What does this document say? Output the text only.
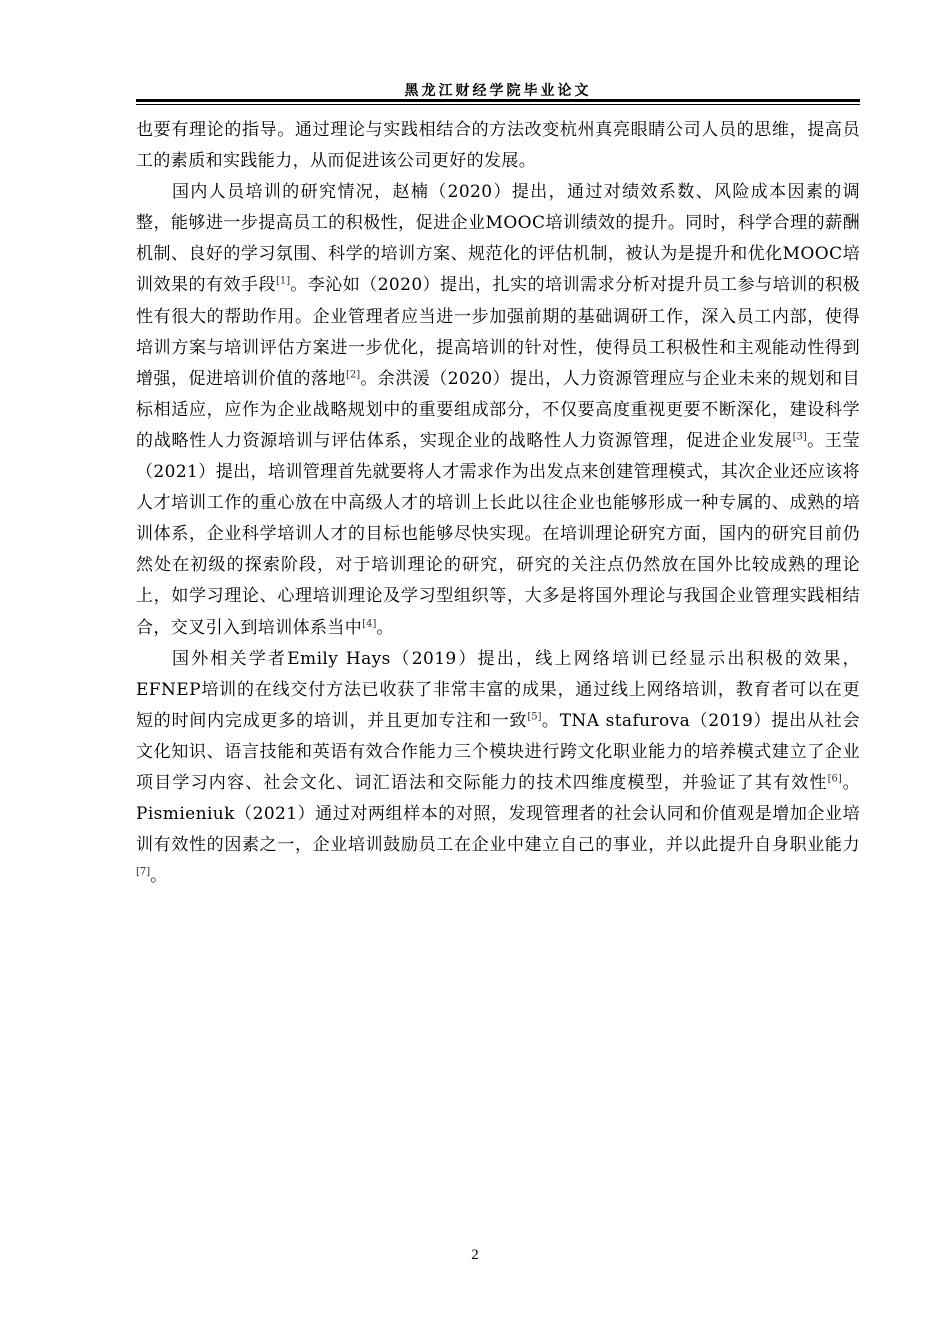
黑龙江财经学院毕业论文

也要有理论的指导。通过理论与实践相结合的方法改变杭州真亮眼睛公司人员的思维，提高员工的素质和实践能力，从而促进该公司更好的发展。

国内人员培训的研究情况，赵楠（2020）提出，通过对绩效系数、风险成本因素的调整，能够进一步提高员工的积极性，促进企业MOOC培训绩效的提升。同时，科学合理的薪酬机制、良好的学习氛围、科学的培训方案、规范化的评估机制，被认为是提升和优化MOOC培训效果的有效手段[1]。李沁如（2020）提出，扎实的培训需求分析对提升员工参与培训的积极性有很大的帮助作用。企业管理者应当进一步加强前期的基础调研工作，深入员工内部，使得培训方案与培训评估方案进一步优化，提高培训的针对性，使得员工积极性和主观能动性得到增强，促进培训价值的落地[2]。余洪湲（2020）提出，人力资源管理应与企业未来的规划和目标相适应，应作为企业战略规划中的重要组成部分，不仅要高度重视更要不断深化，建设科学的战略性人力资源培训与评估体系，实现企业的战略性人力资源管理，促进企业发展[3]。王莹（2021）提出，培训管理首先就要将人才需求作为出发点来创建管理模式，其次企业还应该将人才培训工作的重心放在中高级人才的培训上长此以往企业也能够形成一种专属的、成熟的培训体系，企业科学培训人才的目标也能够尽快实现。在培训理论研究方面，国内的研究目前仍然处在初级的探索阶段，对于培训理论的研究，研究的关注点仍然放在国外比较成熟的理论上，如学习理论、心理培训理论及学习型组织等，大多是将国外理论与我国企业管理实践相结合，交叉引入到培训体系当中[4]。

国外相关学者Emily Hays（2019）提出，线上网络培训已经显示出积极的效果，EFNEP培训的在线交付方法已收获了非常丰富的成果，通过线上网络培训，教育者可以在更短的时间内完成更多的培训，并且更加专注和一致[5]。TNA stafurova（2019）提出从社会文化知识、语言技能和英语有效合作能力三个模块进行跨文化职业能力的培养模式建立了企业项目学习内容、社会文化、词汇语法和交际能力的技术四维度模型，并验证了其有效性[6]。Pismieniuk（2021）通过对两组样本的对照，发现管理者的社会认同和价值观是增加企业培训有效性的因素之一，企业培训鼓励员工在企业中建立自己的事业，并以此提升自身职业能力[7]。

2
